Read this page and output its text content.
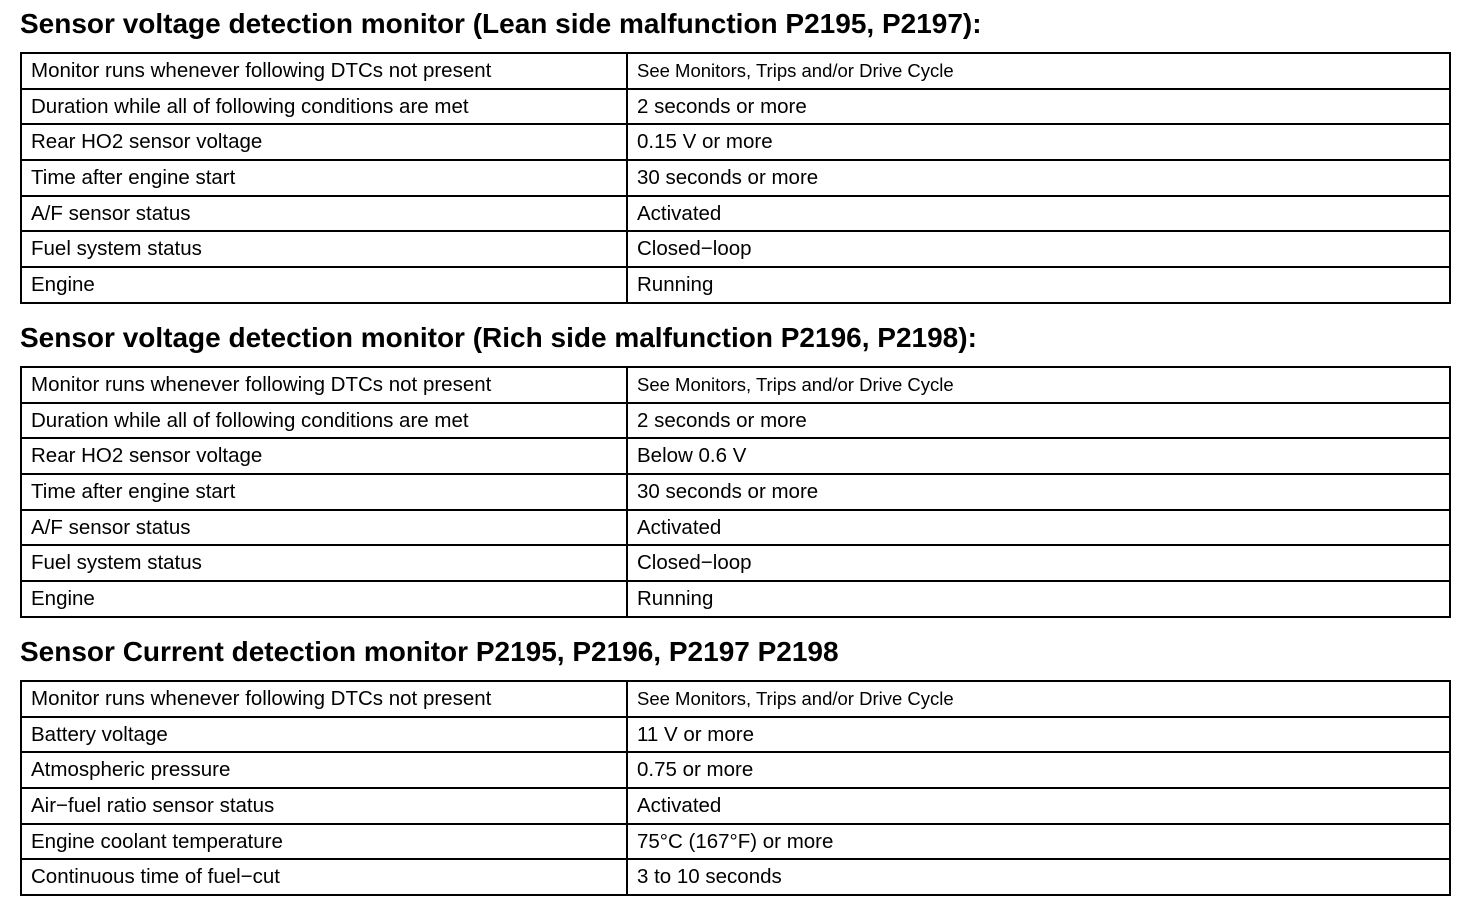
Sensor voltage detection monitor (Lean side malfunction P2195, P2197):
Monitor runs whenever following DTCs not present	See Monitors, Trips and/or Drive Cycle
Duration while all of following conditions are met	2 seconds or more
Rear HO2 sensor voltage	0.15 V or more
Time after engine start	30 seconds or more
A/F sensor status	Activated
Fuel system status	Closed−loop
Engine	Running
Sensor voltage detection monitor (Rich side malfunction P2196, P2198):
Monitor runs whenever following DTCs not present	See Monitors, Trips and/or Drive Cycle
Duration while all of following conditions are met	2 seconds or more
Rear HO2 sensor voltage	Below 0.6 V
Time after engine start	30 seconds or more
A/F sensor status	Activated
Fuel system status	Closed−loop
Engine	Running
Sensor Current detection monitor P2195, P2196, P2197 P2198
Monitor runs whenever following DTCs not present	See Monitors, Trips and/or Drive Cycle
Battery voltage	11 V or more
Atmospheric pressure	0.75 or more
Air−fuel ratio sensor status	Activated
Engine coolant temperature	75°C (167°F) or more
Continuous time of fuel−cut	3 to 10 seconds
